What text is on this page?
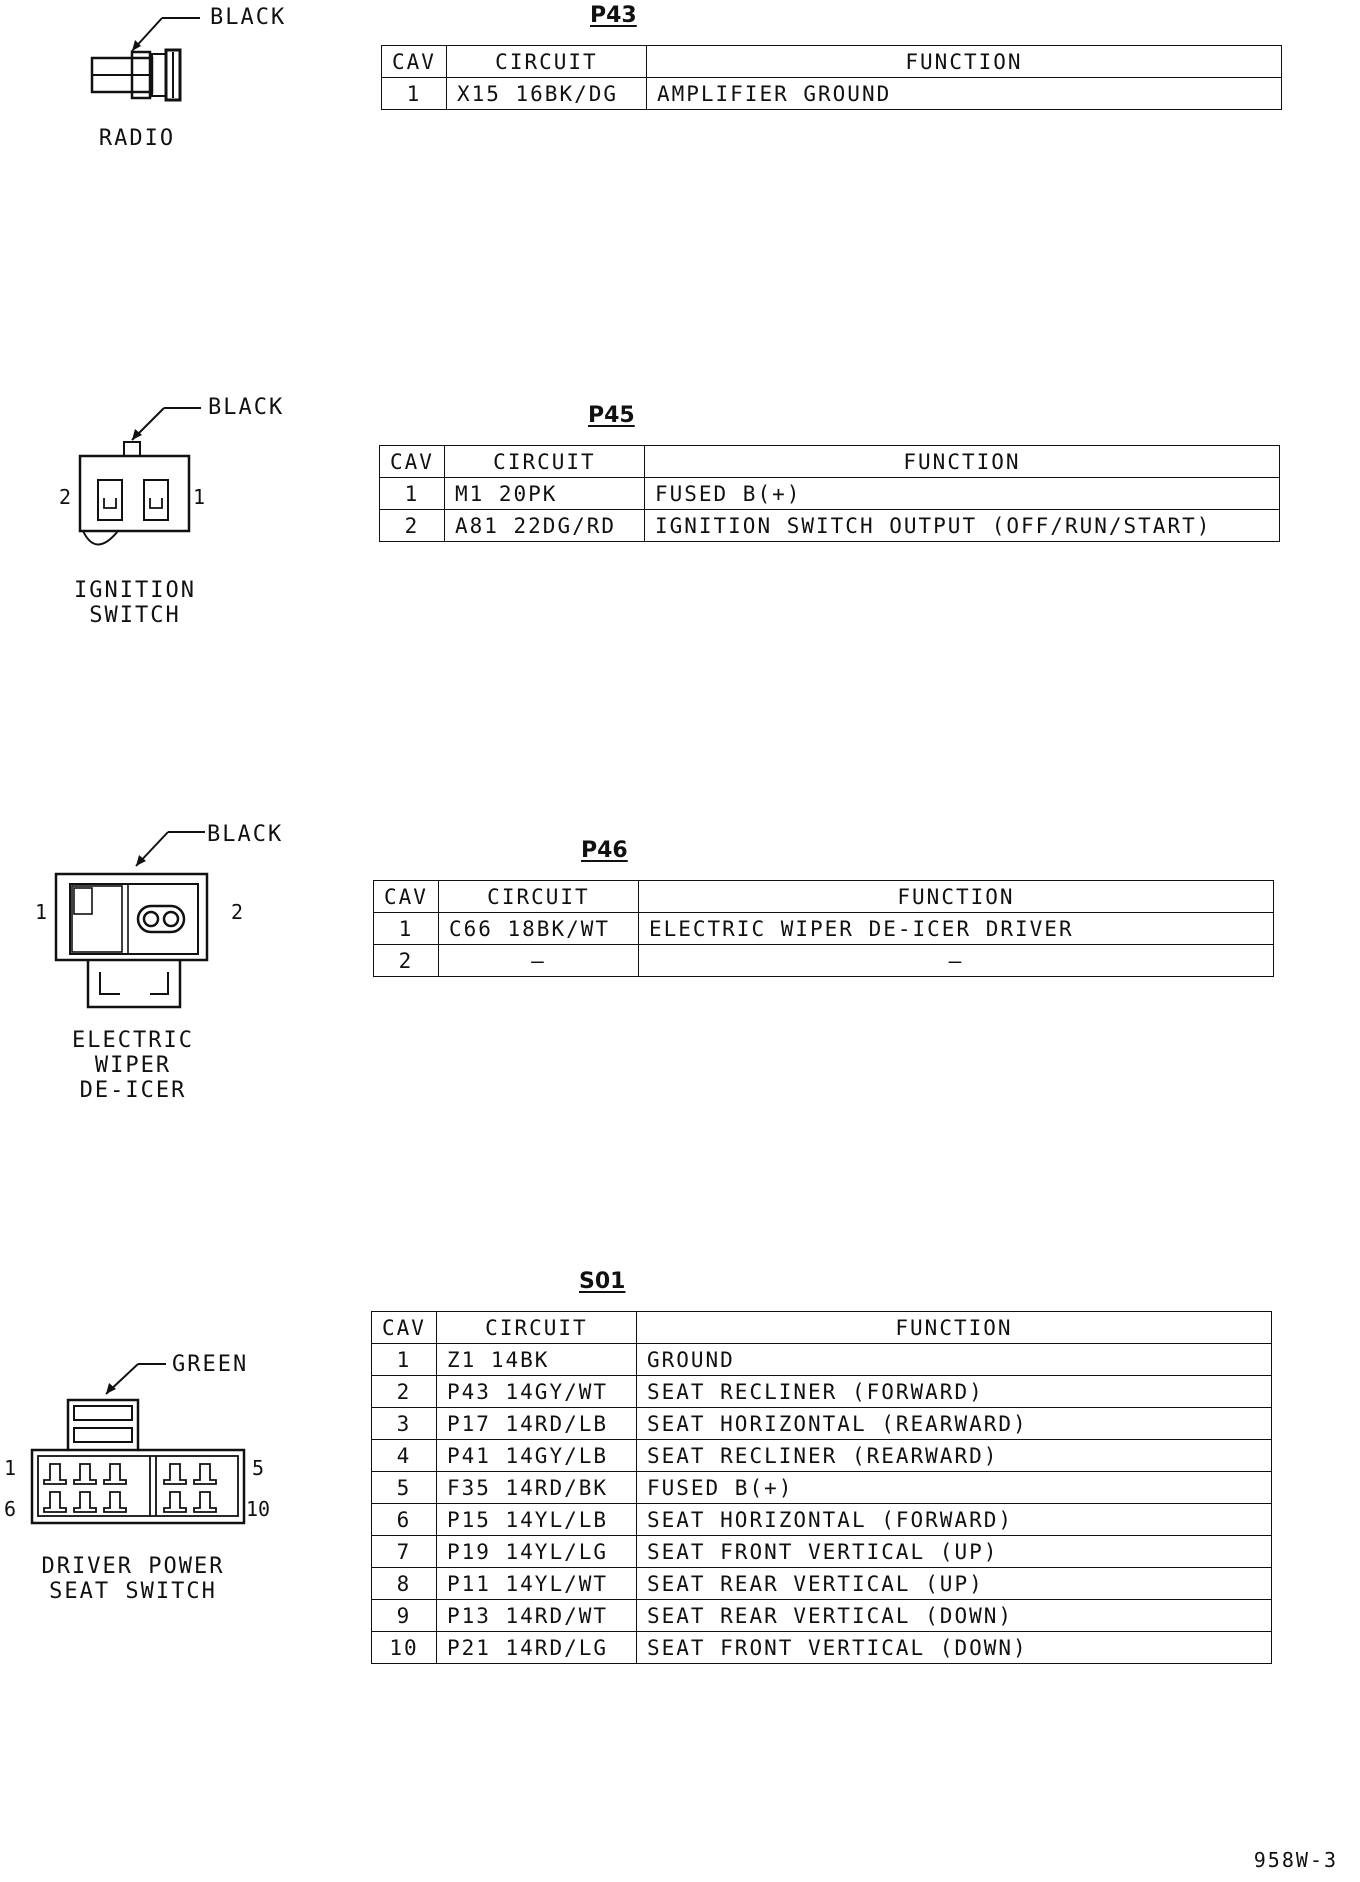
BLACK
RADIO
P43
CAV	CIRCUIT	FUNCTION
1	X15 16BK/DG	AMPLIFIER GROUND
BLACK
2	1
IGNITION
SWITCH
P45
CAV	CIRCUIT	FUNCTION
1	M1 20PK	FUSED B(+)
2	A81 22DG/RD	IGNITION SWITCH OUTPUT (OFF/RUN/START)
BLACK
1	2
ELECTRIC
WIPER
DE-ICER
P46
CAV	CIRCUIT	FUNCTION
1	C66 18BK/WT	ELECTRIC WIPER DE-ICER DRIVER
2	–	–
GREEN
1
6
5
10
DRIVER POWER
SEAT SWITCH
S01
CAV	CIRCUIT	FUNCTION
1	Z1 14BK	GROUND
2	P43 14GY/WT	SEAT RECLINER (FORWARD)
3	P17 14RD/LB	SEAT HORIZONTAL (REARWARD)
4	P41 14GY/LB	SEAT RECLINER (REARWARD)
5	F35 14RD/BK	FUSED B(+)
6	P15 14YL/LB	SEAT HORIZONTAL (FORWARD)
7	P19 14YL/LG	SEAT FRONT VERTICAL (UP)
8	P11 14YL/WT	SEAT REAR VERTICAL (UP)
9	P13 14RD/WT	SEAT REAR VERTICAL (DOWN)
10	P21 14RD/LG	SEAT FRONT VERTICAL (DOWN)
958W-3
